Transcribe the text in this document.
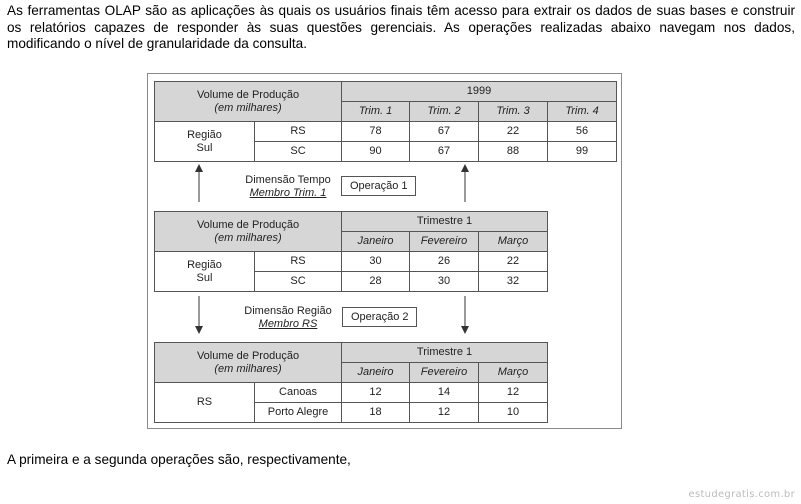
As ferramentas OLAP são as aplicações às quais os usuários finais têm acesso para extrair os dados de suas bases e construir os relatórios capazes de responder às suas questões gerenciais. As operações realizadas abaixo navegam nos dados, modificando o nível de granularidade da consulta.

Volume de Produção
(em milhares)		1999			
		Trim. 1	Trim. 2	Trim. 3	Trim. 4
Região
Sul	RS	78	67	22	56
	SC	90	67	88	99
Dimensão Tempo
Membro Trim. 1
Operação 1
Volume de Produção
(em milhares)		Trimestre 1		
		Janeiro	Fevereiro	Março
Região
Sul	RS	30	26	22
	SC	28	30	32
Dimensão Região
Membro RS
Operação 2
Volume de Produção
(em milhares)		Trimestre 1		
		Janeiro	Fevereiro	Março
RS	Canoas	12	14	12
	Porto Alegre	18	12	10

A primeira e a segunda operações são, respectivamente,

estudegratis.com.br
